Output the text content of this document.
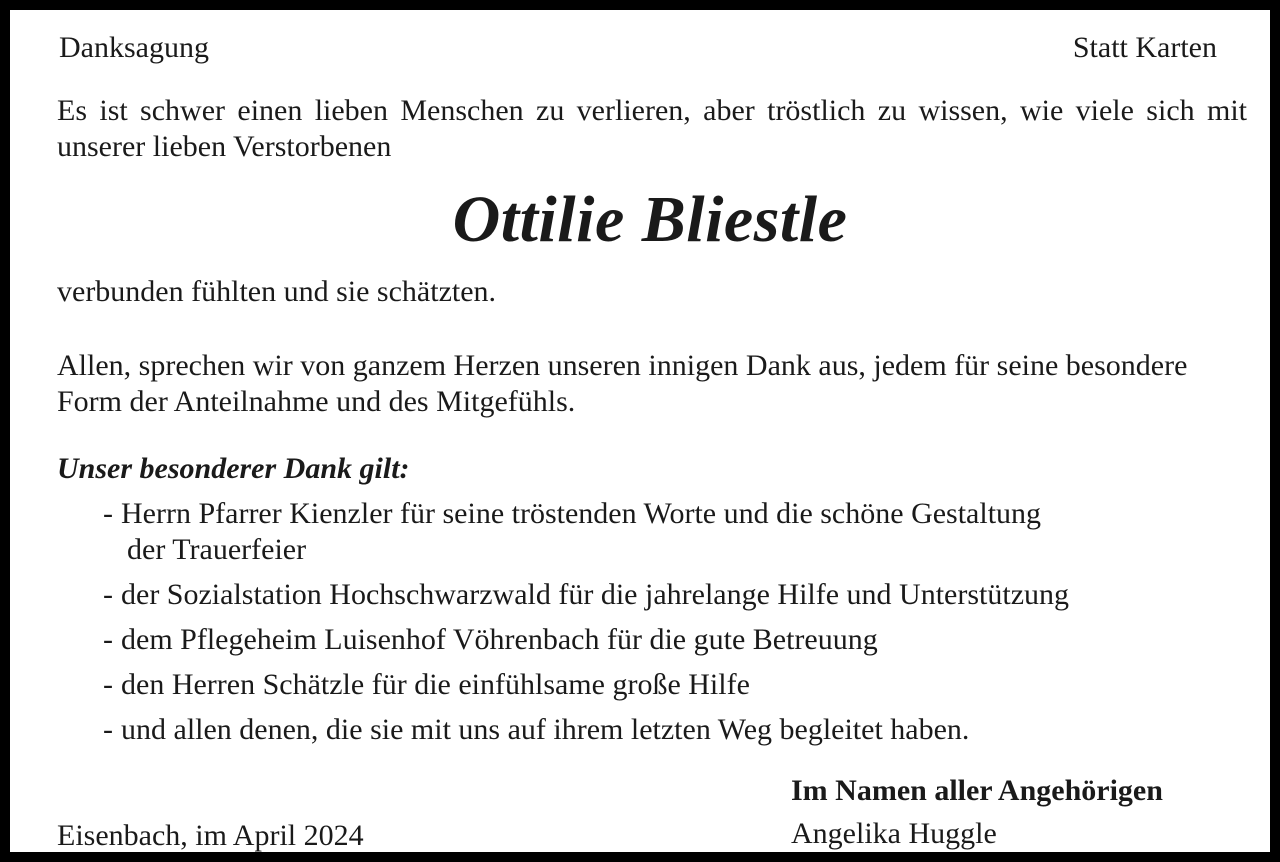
Danksagung	Statt Karten
Es ist schwer einen lieben Menschen zu verlieren, aber tröstlich zu wissen, wie viele sich mit unserer lieben Verstorbenen
Ottilie Bliestle
verbunden fühlten und sie schätzten.
Allen, sprechen wir von ganzem Herzen unseren innigen Dank aus, jedem für seine besondere Form der Anteilnahme und des Mitgefühls.
Unser besonderer Dank gilt:
- Herrn Pfarrer Kienzler für seine tröstenden Worte und die schöne Gestaltung
der Trauerfeier
- der Sozialstation Hochschwarzwald für die jahrelange Hilfe und Unterstützung
- dem Pflegeheim Luisenhof Vöhrenbach für die gute Betreuung
- den Herren Schätzle für die einfühlsame große Hilfe
- und allen denen, die sie mit uns auf ihrem letzten Weg begleitet haben.
Im Namen aller Angehörigen
Angelika Huggle
Eisenbach, im April 2024
